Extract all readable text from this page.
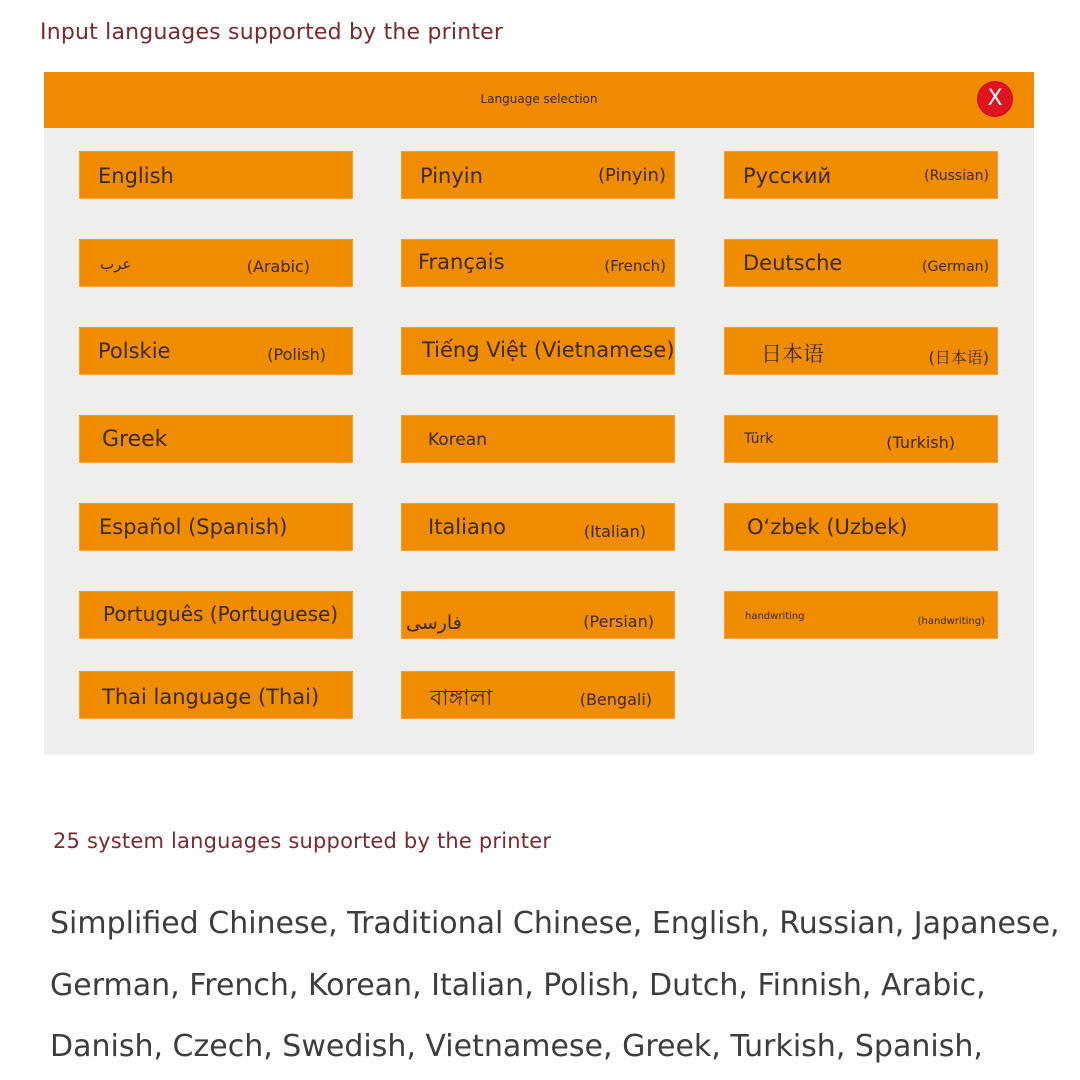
Input languages supported by the printer
Language selection	X
English	Pinyin	(Pinyin)	Русский	(Russian)
عرب	(Arabic)	Français	(French)	Deutsche	(German)
Polskie	(Polish)	Tiếng Việt (Vietnamese)	日本语	(日本语)
Greek	Korean	Türk	(Turkish)
Español (Spanish)	Italiano	(Italian)	O‘zbek (Uzbek)
Português (Portuguese)	فارسی	(Persian)	handwriting	(handwriting)
Thai language (Thai)	বাঙ্গালা	(Bengali)
25 system languages supported by the printer
Simplified Chinese, Traditional Chinese, English, Russian, Japanese,
German, French, Korean, Italian, Polish, Dutch, Finnish, Arabic,
Danish, Czech, Swedish, Vietnamese, Greek, Turkish, Spanish,
